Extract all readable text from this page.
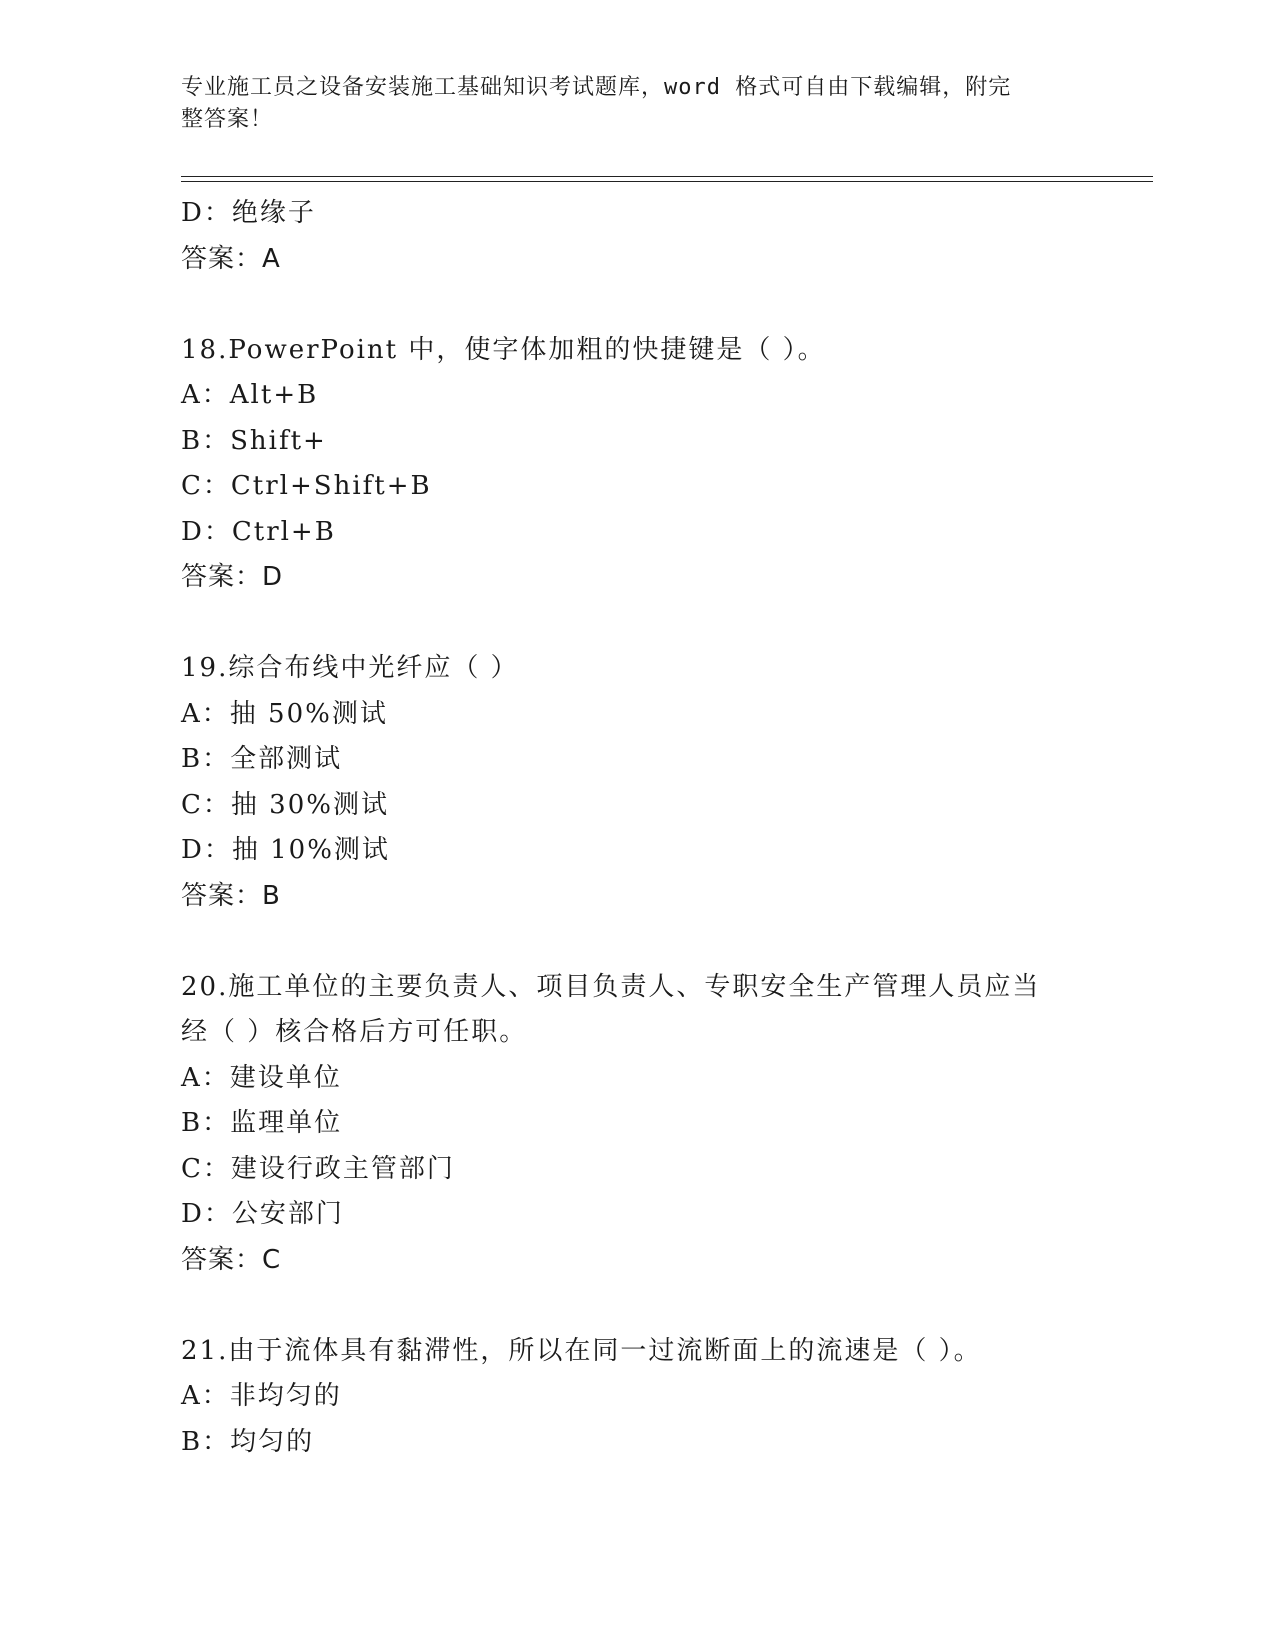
专业施工员之设备安装施工基础知识考试题库，word 格式可自由下载编辑，附完
整答案！
D：绝缘子
答案：A
18.PowerPoint 中，使字体加粗的快捷键是（ ）。
A：Alt+B
B：Shift+
C：Ctrl+Shift+B
D：Ctrl+B
答案：D
19.综合布线中光纤应（ ）
A：抽 50%测试
B：全部测试
C：抽 30%测试
D：抽 10%测试
答案：B
20.施工单位的主要负责人、项目负责人、专职安全生产管理人员应当
经（ ）核合格后方可任职。
A：建设单位
B：监理单位
C：建设行政主管部门
D：公安部门
答案：C
21.由于流体具有黏滞性，所以在同一过流断面上的流速是（ ）。
A：非均匀的
B：均匀的
